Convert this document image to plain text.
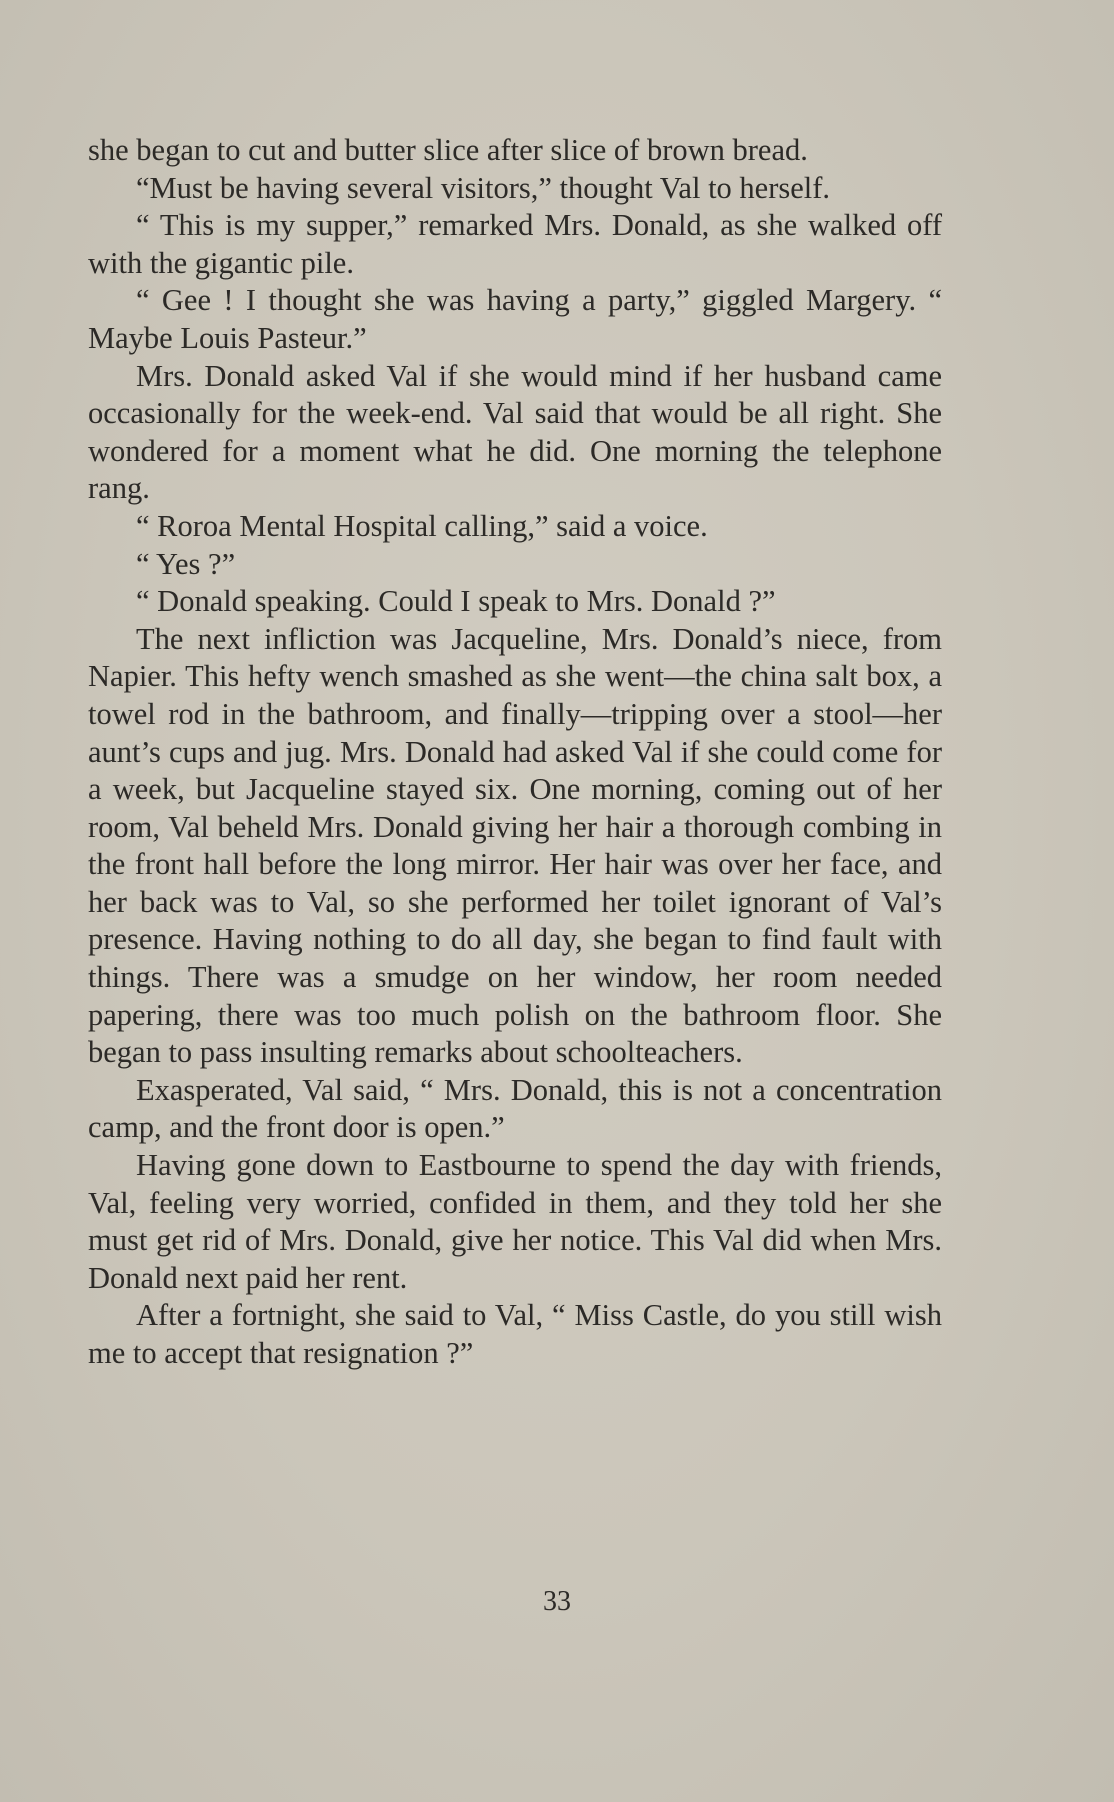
she began to cut and butter slice after slice of brown bread.

“Must be having several visitors,” thought Val to herself.

“ This is my supper,” remarked Mrs. Donald, as she walked off with the gigantic pile.

“ Gee ! I thought she was having a party,” giggled Margery. “ Maybe Louis Pasteur.”

Mrs. Donald asked Val if she would mind if her husband came occasionally for the week-end. Val said that would be all right. She wondered for a moment what he did. One morning the telephone rang.

“ Roroa Mental Hospital calling,” said a voice.

“ Yes ?”

“ Donald speaking. Could I speak to Mrs. Donald ?”

The next infliction was Jacqueline, Mrs. Donald’s niece, from Napier. This hefty wench smashed as she went—the china salt box, a towel rod in the bathroom, and finally—tripping over a stool—her aunt’s cups and jug. Mrs. Donald had asked Val if she could come for a week, but Jacqueline stayed six. One morning, coming out of her room, Val beheld Mrs. Donald giving her hair a thorough combing in the front hall before the long mirror. Her hair was over her face, and her back was to Val, so she performed her toilet ignorant of Val’s presence. Having nothing to do all day, she began to find fault with things. There was a smudge on her window, her room needed papering, there was too much polish on the bathroom floor. She began to pass insulting remarks about schoolteachers.

Exasperated, Val said, “ Mrs. Donald, this is not a concentration camp, and the front door is open.”

Having gone down to Eastbourne to spend the day with friends, Val, feeling very worried, confided in them, and they told her she must get rid of Mrs. Donald, give her notice. This Val did when Mrs. Donald next paid her rent.

After a fortnight, she said to Val, “ Miss Castle, do you still wish me to accept that resignation ?”

33
